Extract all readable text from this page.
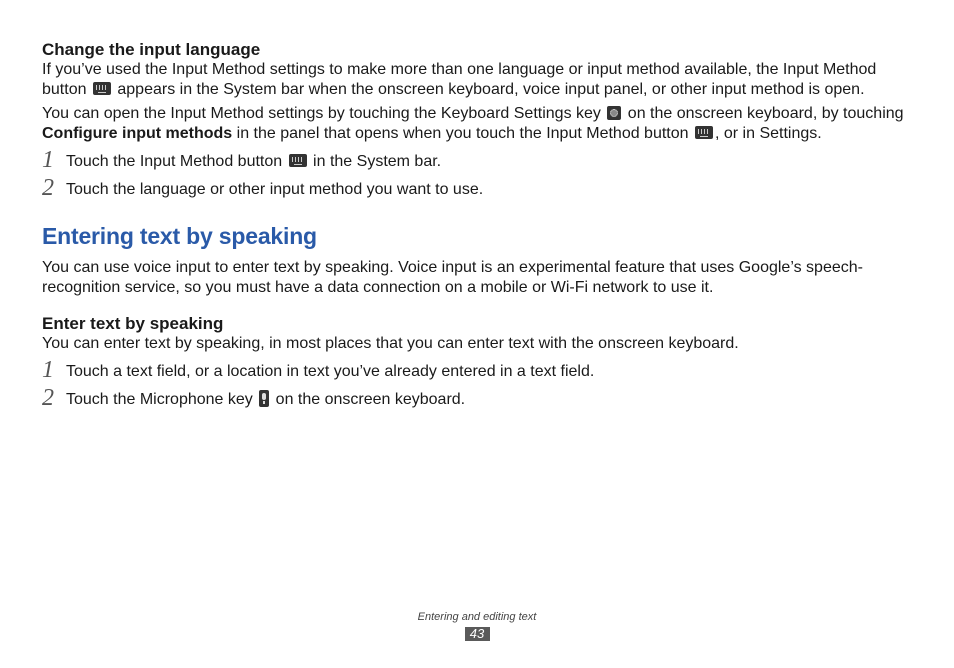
Change the input language

If you’ve used the Input Method settings to make more than one language or input method available, the Input Method button  appears in the System bar when the onscreen keyboard, voice input panel, or other input method is open.

You can open the Input Method settings by touching the Keyboard Settings key  on the onscreen keyboard, by touching Configure input methods in the panel that opens when you touch the Input Method button , or in Settings.

1 Touch the Input Method button  in the System bar.
2 Touch the language or other input method you want to use.
Entering text by speaking

You can use voice input to enter text by speaking. Voice input is an experimental feature that uses Google’s speech-recognition service, so you must have a data connection on a mobile or Wi-Fi network to use it.

Enter text by speaking

You can enter text by speaking, in most places that you can enter text with the onscreen keyboard.

1 Touch a text field, or a location in text you’ve already entered in a text field.
2 Touch the Microphone key  on the onscreen keyboard.
Entering and editing text
43
